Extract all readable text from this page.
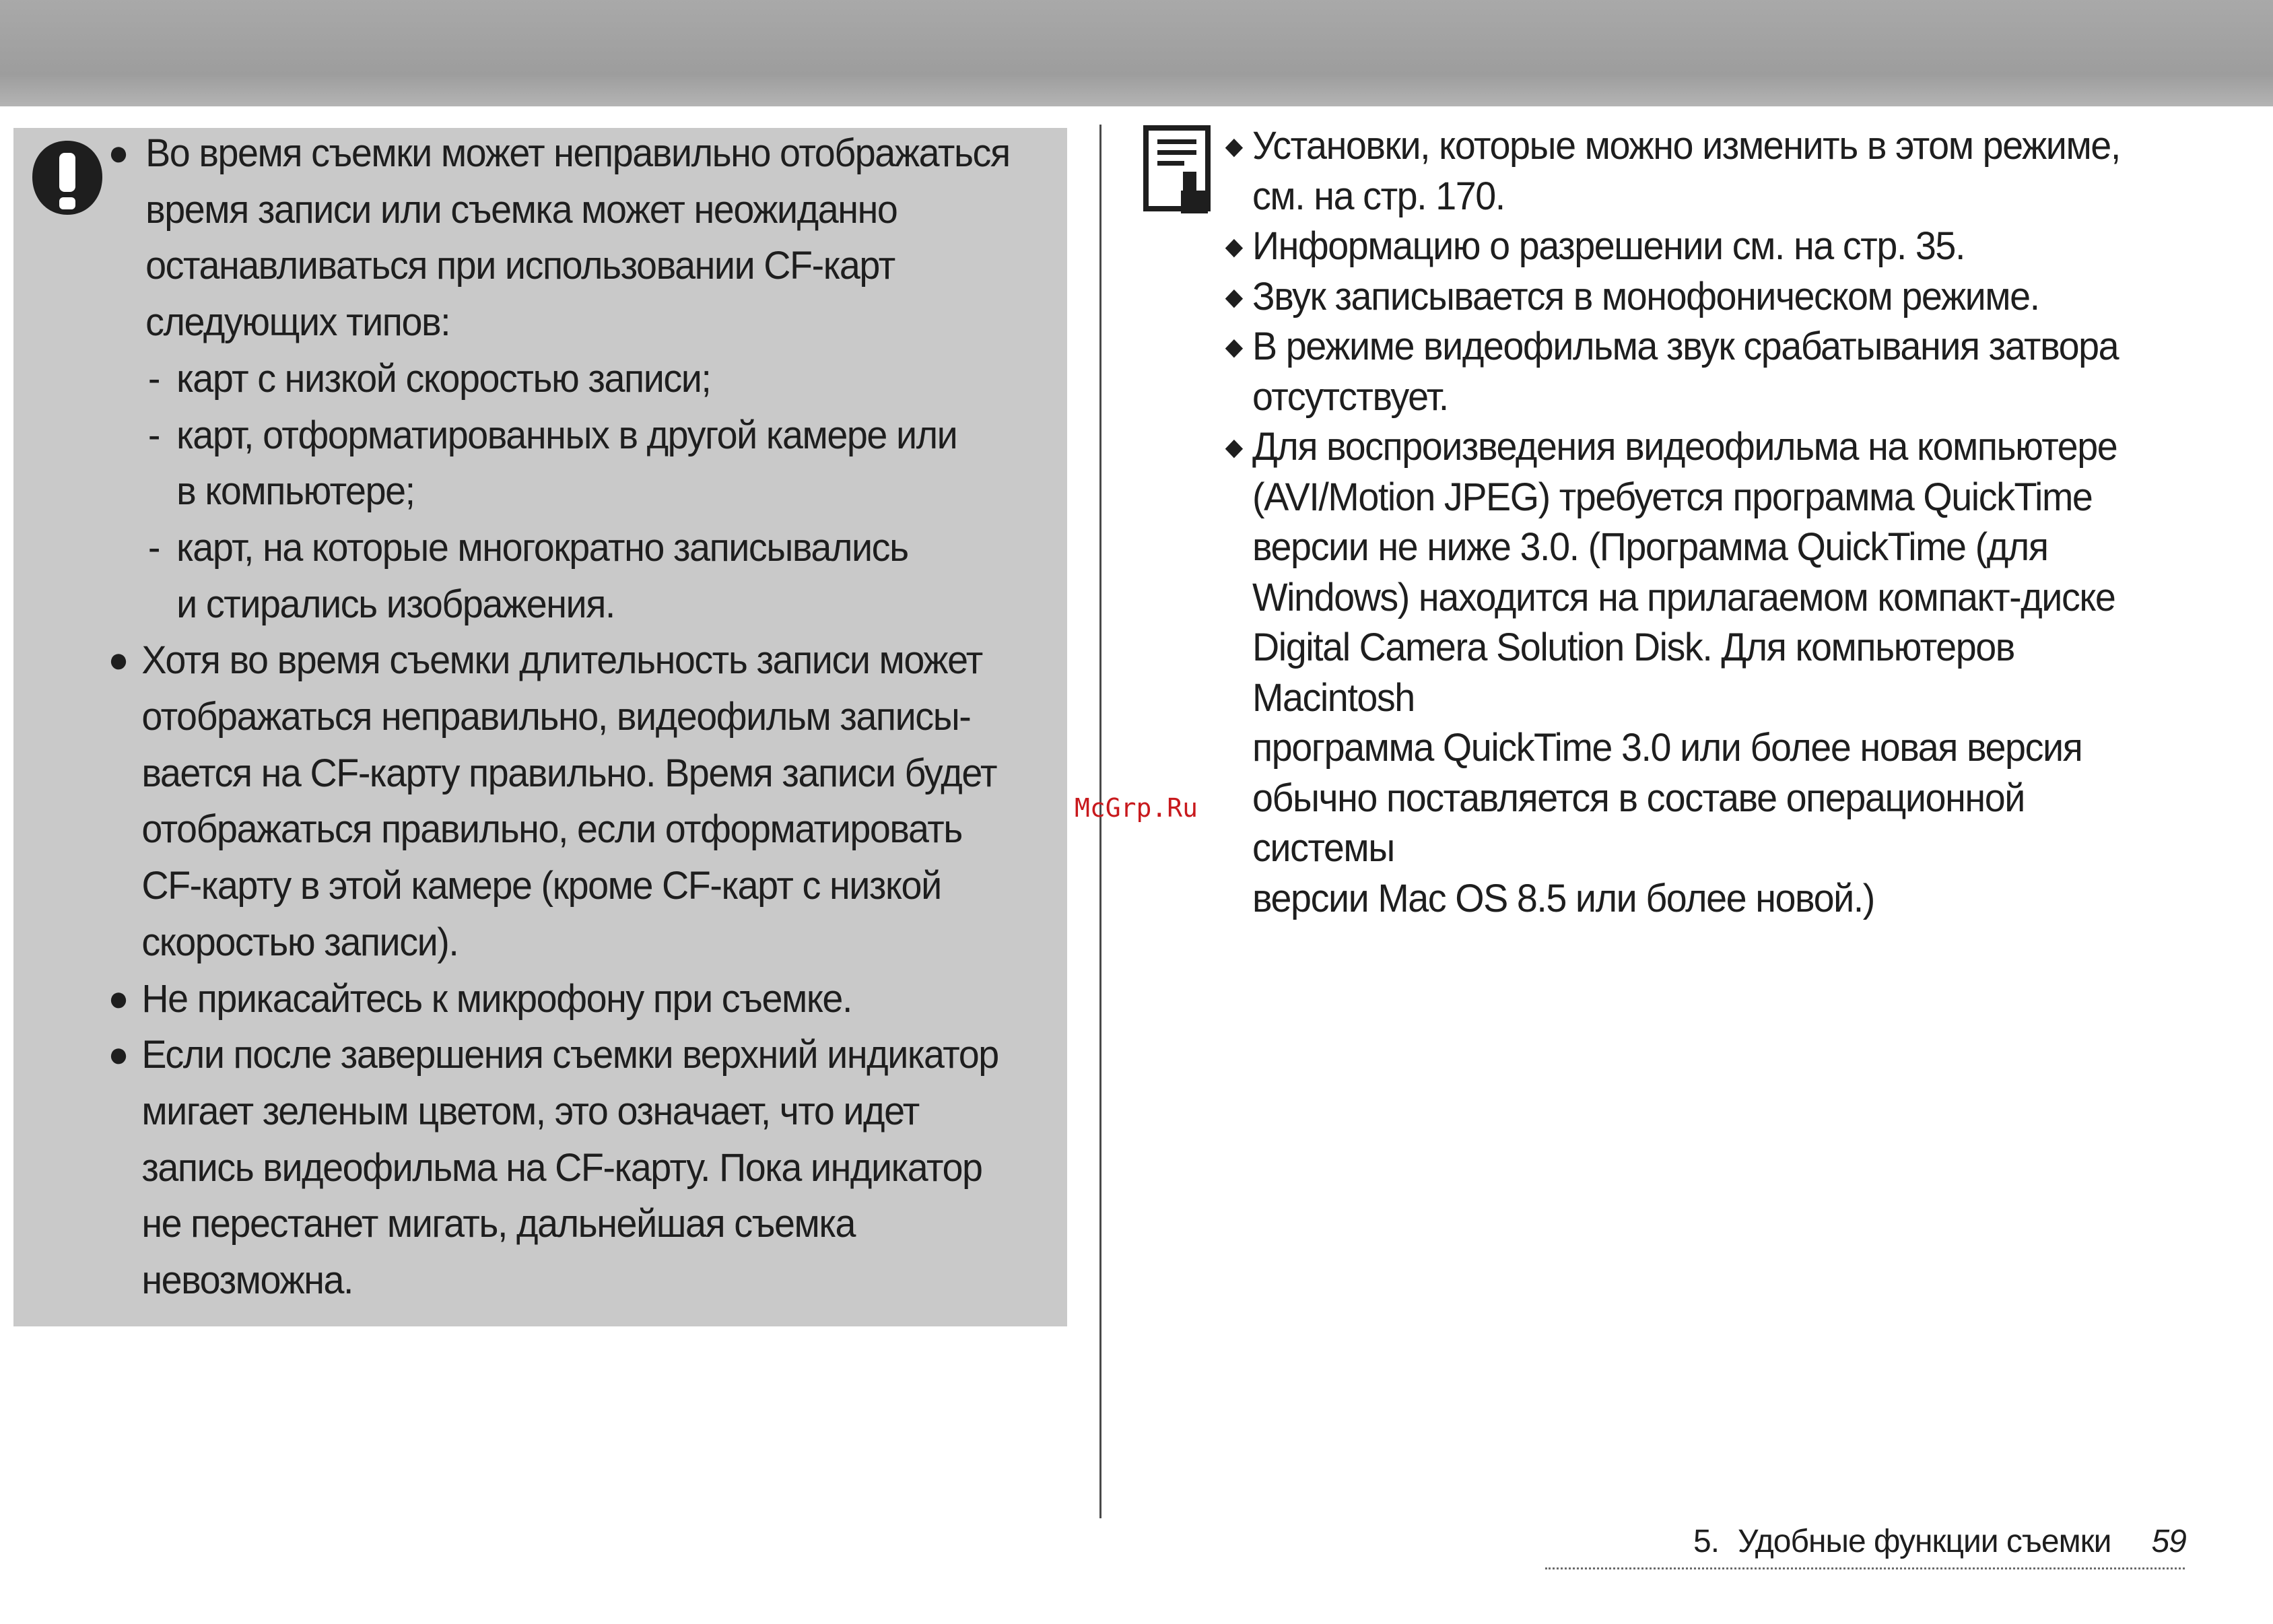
● Во время съемки может неправильно отображаться

время записи или съемка может неожиданно

останавливаться при использовании CF-карт

следующих типов:

- карт с низкой скоростью записи;

- карт, отформатированных в другой камере или

в компьютере;

- карт, на которые многократно записывались

и стирались изображения.

● Хотя во время съемки длительность записи может

отображаться неправильно, видеофильм записы-

вается на CF-карту правильно. Время записи будет

отображаться правильно, если отформатировать

CF-карту в этой камере (кроме CF-карт с низкой

скоростью записи).

● Не прикасайтесь к микрофону при съемке.

● Если после завершения съемки верхний индикатор

мигает зеленым цветом, это означает, что идет

запись видеофильма на CF-карту. Пока индикатор

не перестанет мигать, дальнейшая съемка

невозможна.

◆ Установки, которые можно изменить в этом режиме,

см. на стр. 170.

◆ Информацию о разрешении см. на стр. 35.

◆ Звук записывается в монофоническом режиме.

◆ В режиме видеофильма звук срабатывания затвора

отсутствует.

◆ Для воспроизведения видеофильма на компьютере

(AVI/Motion JPEG) требуется программа QuickTime

версии не ниже 3.0. (Программа QuickTime (для

Windows) находится на прилагаемом компакт-диске

Digital Camera Solution Disk. Для компьютеров Macintosh

программа QuickTime 3.0 или более новая версия

обычно поставляется в составе операционной системы

версии Mac OS 8.5 или более новой.)

McGrp.Ru
5. Удобные функции съемки 59
